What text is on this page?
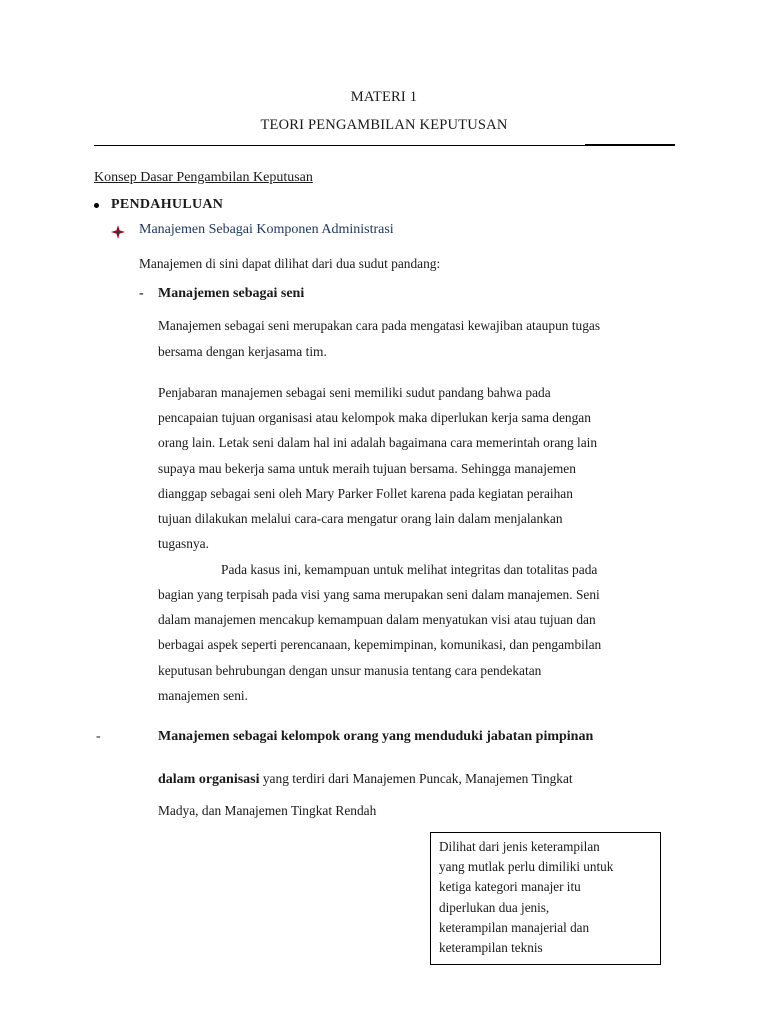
MATERI 1
TEORI PENGAMBILAN KEPUTUSAN
Konsep Dasar Pengambilan Keputusan
PENDAHULUAN
Manajemen Sebagai Komponen Administrasi
Manajemen di sini dapat dilihat dari dua sudut pandang:
- Manajemen sebagai seni
Manajemen sebagai seni merupakan cara pada mengatasi kewajiban ataupun tugas
bersama dengan kerjasama tim.
Penjabaran manajemen sebagai seni memiliki sudut pandang bahwa pada
pencapaian tujuan organisasi atau kelompok maka diperlukan kerja sama dengan
orang lain. Letak seni dalam hal ini adalah bagaimana cara memerintah orang lain
supaya mau bekerja sama untuk meraih tujuan bersama. Sehingga manajemen
dianggap sebagai seni oleh Mary Parker Follet karena pada kegiatan peraihan
tujuan dilakukan melalui cara-cara mengatur orang lain dalam menjalankan
tugasnya.
Pada kasus ini, kemampuan untuk melihat integritas dan totalitas pada
bagian yang terpisah pada visi yang sama merupakan seni dalam manajemen. Seni
dalam manajemen mencakup kemampuan dalam menyatukan visi atau tujuan dan
berbagai aspek seperti perencanaan, kepemimpinan, komunikasi, dan pengambilan
keputusan behrubungan dengan unsur manusia tentang cara pendekatan
manajemen seni.
-	Manajemen sebagai kelompok orang yang menduduki jabatan pimpinan
dalam organisasi yang terdiri dari Manajemen Puncak, Manajemen Tingkat
Madya, dan Manajemen Tingkat Rendah
Dilihat dari jenis keterampilan
yang mutlak perlu dimiliki untuk
ketiga kategori manajer itu
diperlukan dua jenis,
keterampilan manajerial dan
keterampilan teknis
